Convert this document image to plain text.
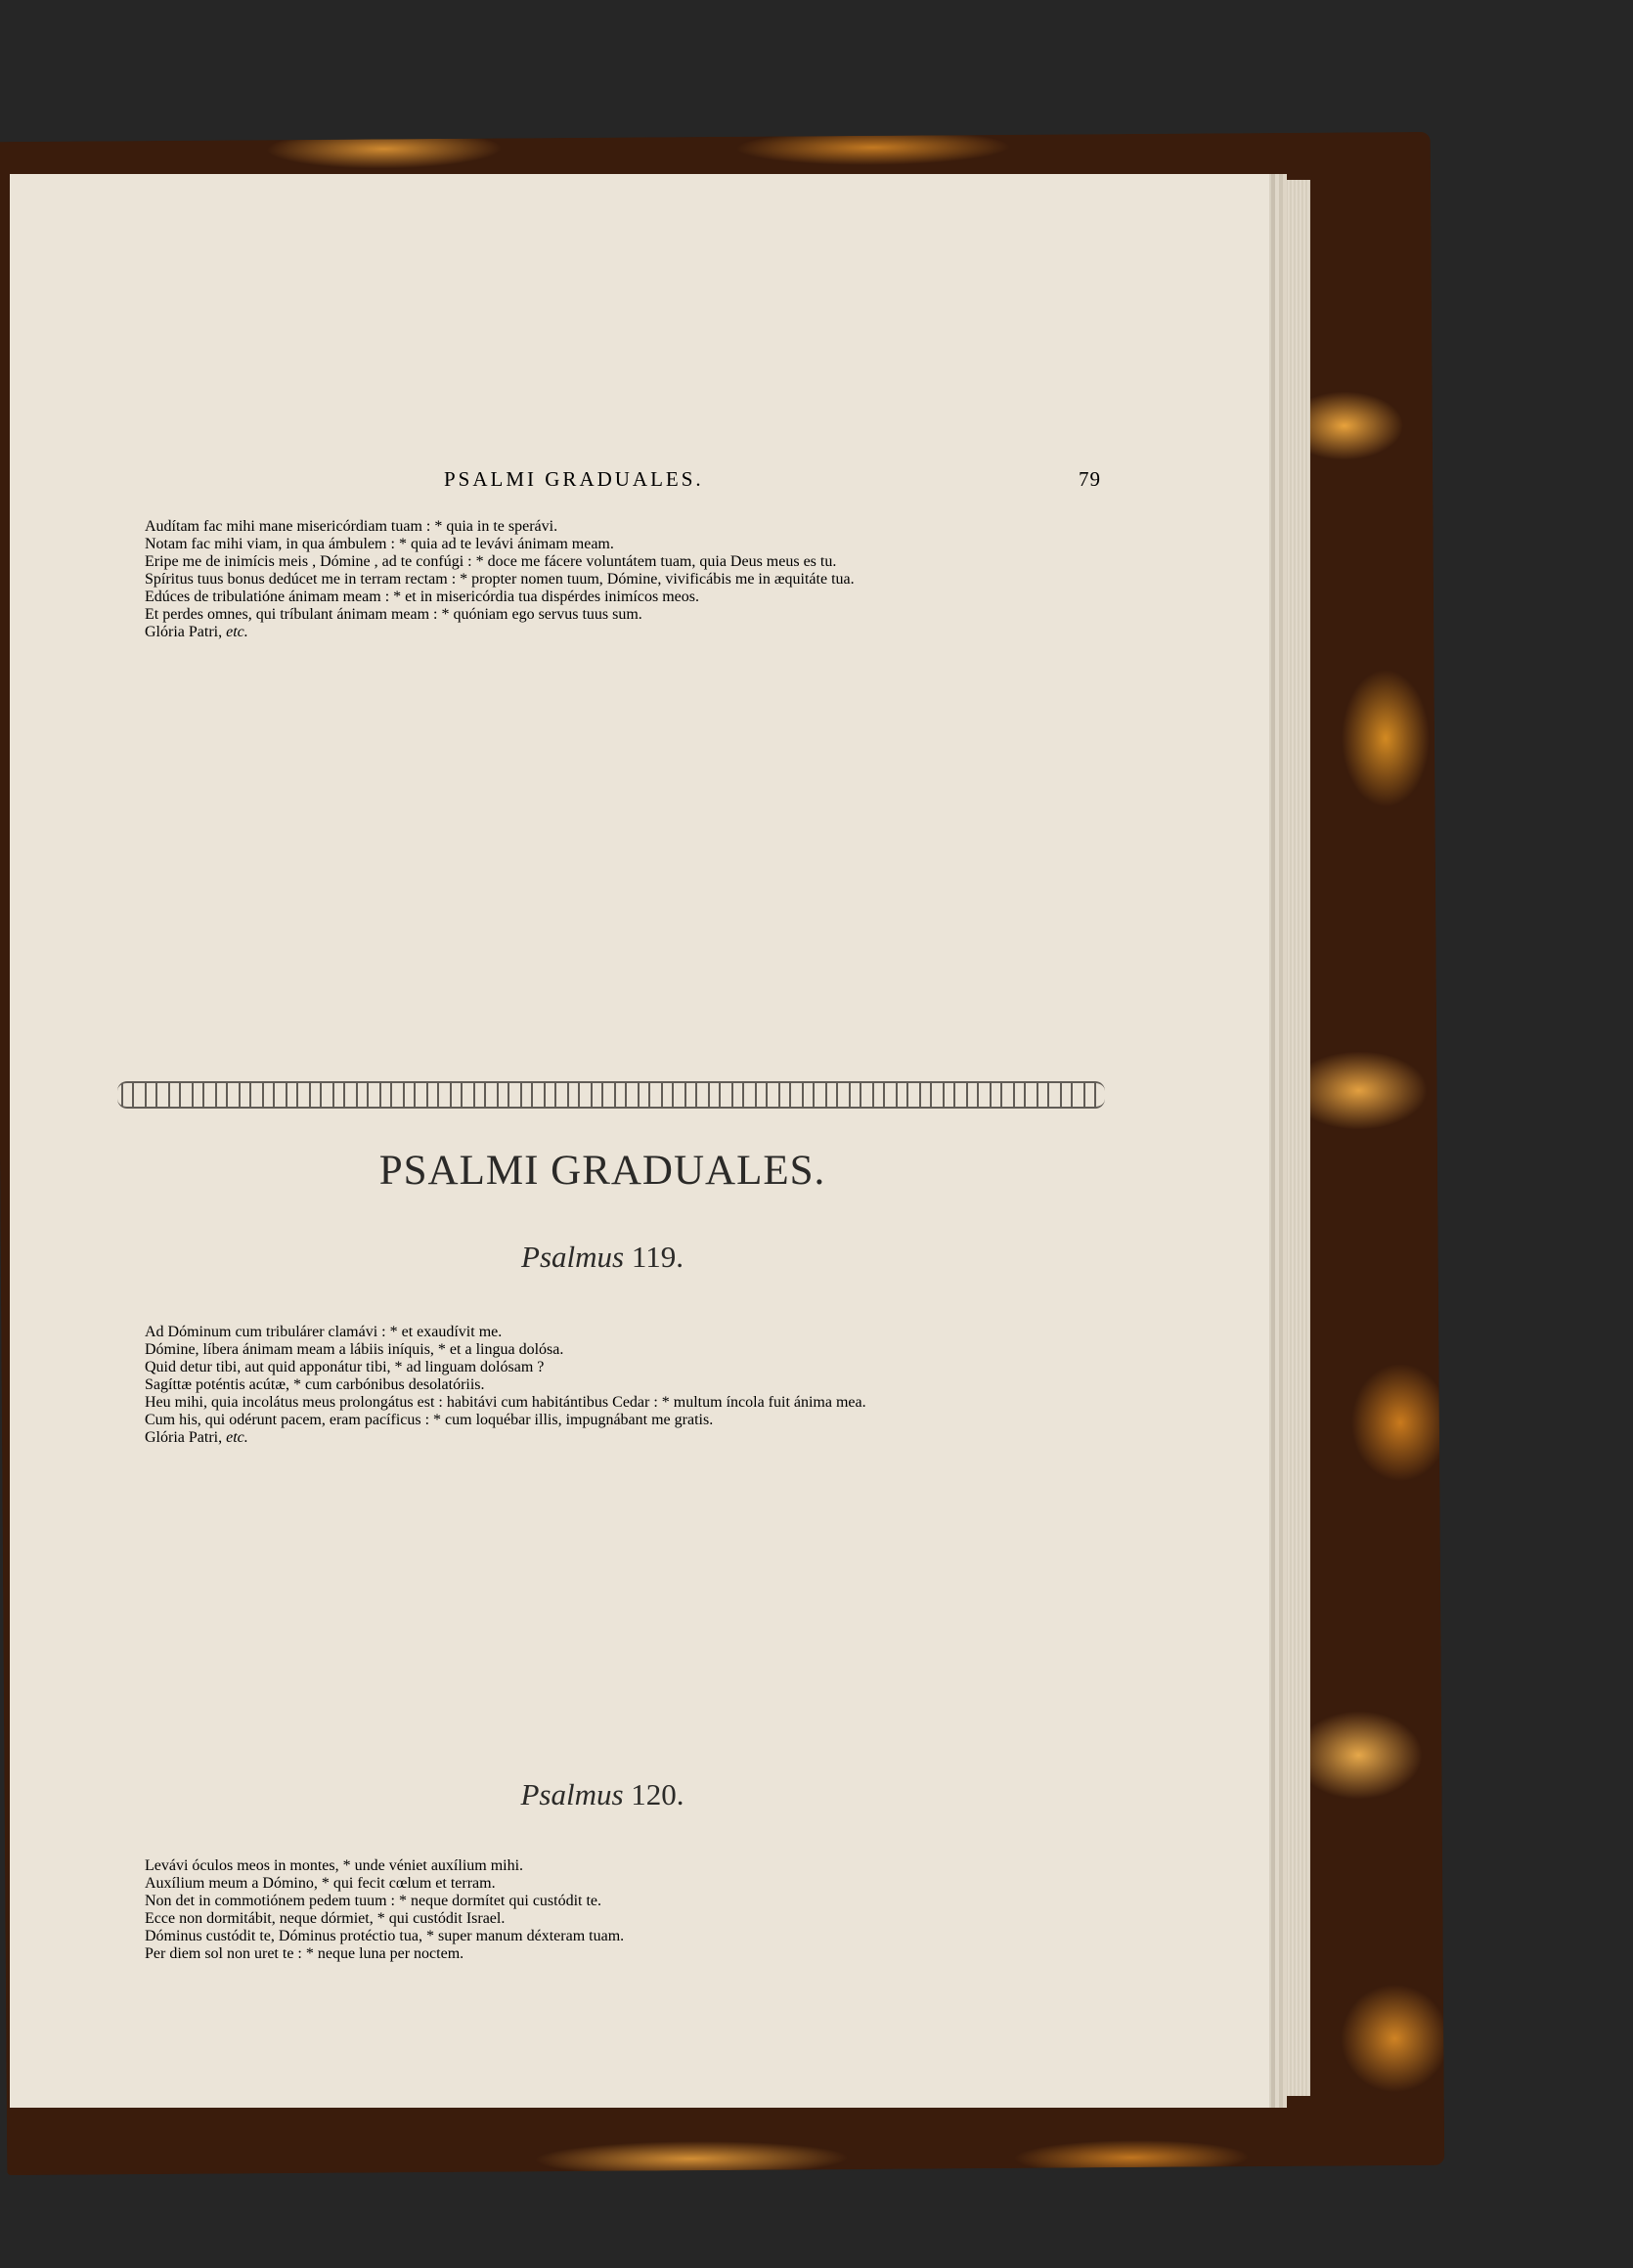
PSALMI GRADUALES.	79

Audítam fac mihi mane misericórdiam tuam : * quia in te sperávi.

Notam fac mihi viam, in qua ámbulem : * quia ad te levávi ánimam meam.

Eripe me de inimícis meis , Dómine , ad te confúgi : * doce me fácere voluntátem tuam, quia Deus meus es tu.

Spíritus tuus bonus dedúcet me in terram rectam : * propter nomen tuum, Dómine, vivificábis me in æquitáte tua.

Edúces de tribulatióne ánimam meam : * et in misericórdia tua dispérdes inimícos meos.

Et perdes omnes, qui tríbulant ánimam meam : * quóniam ego servus tuus sum.

Glória Patri, etc.

PSALMI GRADUALES.
Psalmus 119.

Ad Dóminum cum tribulárer clamávi : * et exaudívit me.

Dómine, líbera ánimam meam a lábiis iníquis, * et a lingua dolósa.

Quid detur tibi, aut quid apponátur tibi, * ad linguam dolósam ?

Sagíttæ poténtis acútæ, * cum carbónibus desolatóriis.

Heu mihi, quia incolátus meus prolongátus est : habitávi cum habitántibus Cedar : * multum íncola fuit ánima mea.

Cum his, qui odérunt pacem, eram pacíficus : * cum loquébar illis, impugnábant me gratis.

Glória Patri, etc.

Psalmus 120.

Levávi óculos meos in montes, * unde véniet auxílium mihi.

Auxílium meum a Dómino, * qui fecit cœlum et terram.

Non det in commotiónem pedem tuum : * neque dormítet qui custódit te.

Ecce non dormitábit, neque dórmiet, * qui custódit Israel.

Dóminus custódit te, Dóminus protéctio tua, * super manum déxteram tuam.

Per diem sol non uret te : * neque luna per noctem.
